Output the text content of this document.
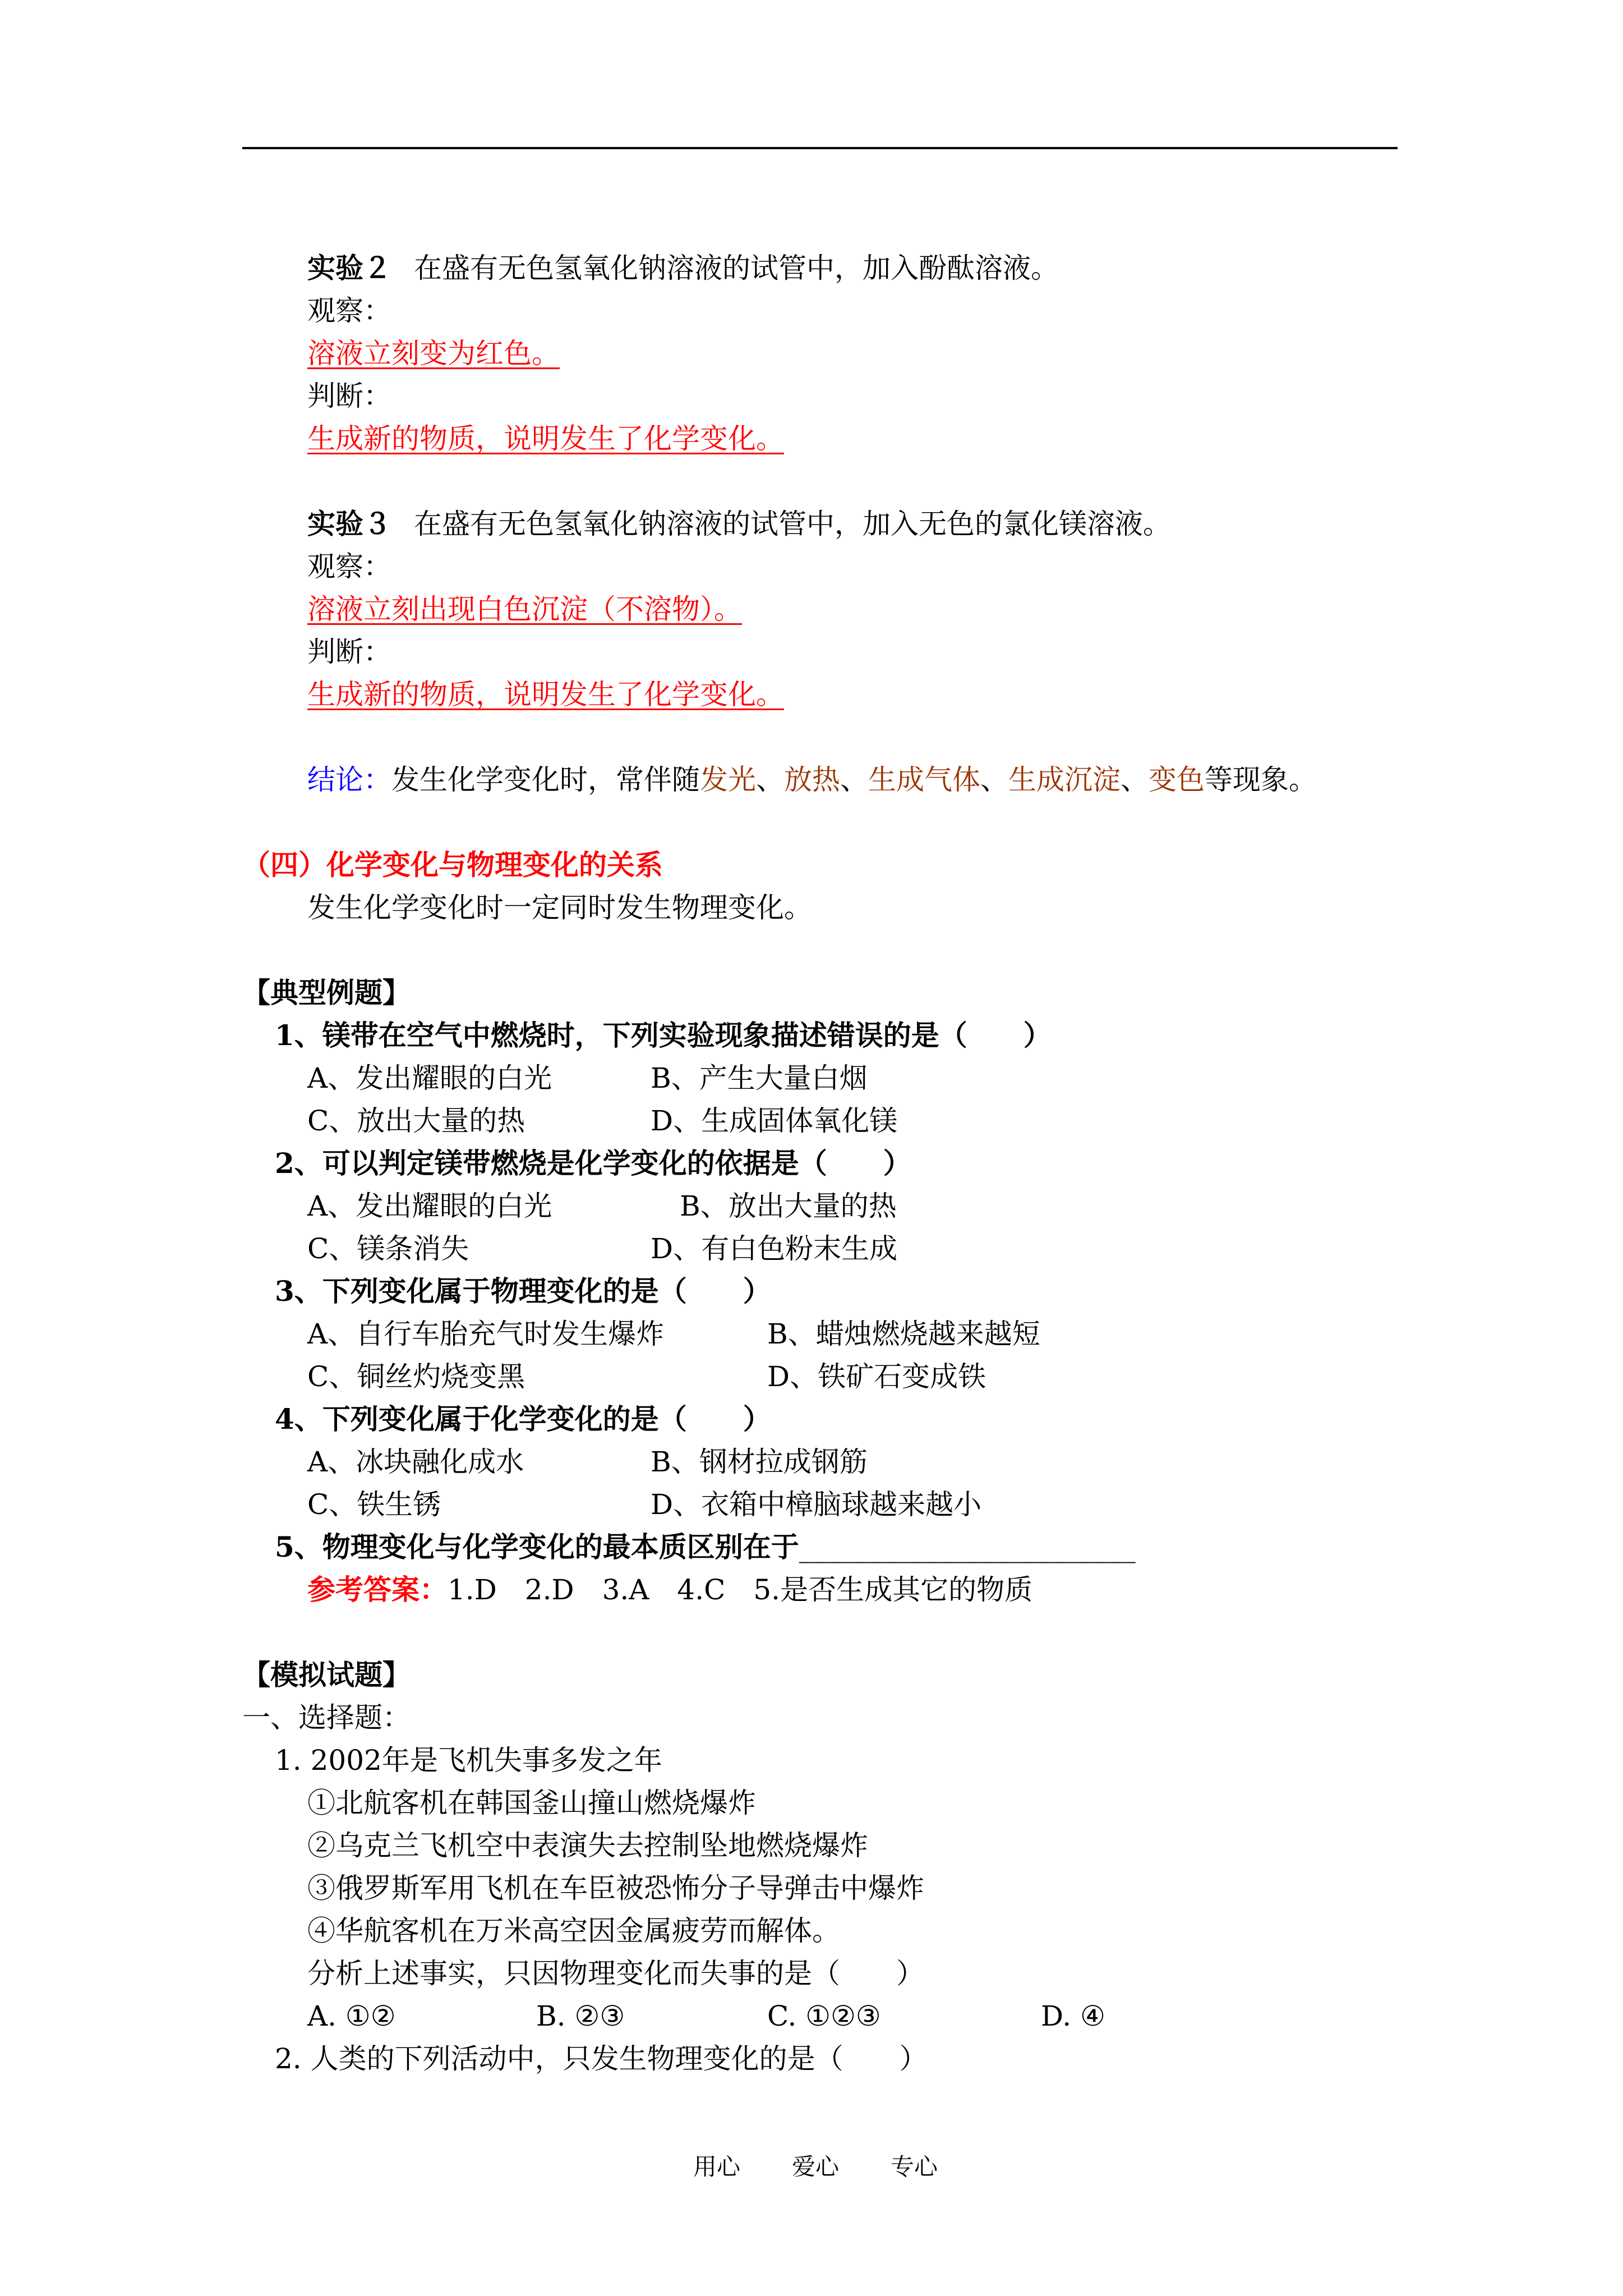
实验２ 在盛有无色氢氧化钠溶液的试管中，加入酚酞溶液。
观察：
溶液立刻变为红色。
判断：
生成新的物质，说明发生了化学变化。
实验３ 在盛有无色氢氧化钠溶液的试管中，加入无色的氯化镁溶液。
观察：
溶液立刻出现白色沉淀（不溶物）。
判断：
生成新的物质，说明发生了化学变化。
结论：发生化学变化时，常伴随发光、放热、生成气体、生成沉淀、变色等现象。
（四）化学变化与物理变化的关系
发生化学变化时一定同时发生物理变化。
【典型例题】
1、镁带在空气中燃烧时，下列实验现象描述错误的是（　　）
A、发出耀眼的白光	B、产生大量白烟
C、放出大量的热	D、生成固体氧化镁
2、可以判定镁带燃烧是化学变化的依据是（　　）
A、发出耀眼的白光	B、放出大量的热
C、镁条消失	D、有白色粉末生成
3、下列变化属于物理变化的是（　　）
A、自行车胎充气时发生爆炸	B、蜡烛燃烧越来越短
C、铜丝灼烧变黑	D、铁矿石变成铁
4、下列变化属于化学变化的是（　　）
A、冰块融化成水	B、钢材拉成钢筋
C、铁生锈	D、衣箱中樟脑球越来越小
5、物理变化与化学变化的最本质区别在于________________________
参考答案：1.D　2.D　3.A　4.C　5.是否生成其它的物质
【模拟试题】
一、选择题：
1. 2002年是飞机失事多发之年
①北航客机在韩国釜山撞山燃烧爆炸
②乌克兰飞机空中表演失去控制坠地燃烧爆炸
③俄罗斯军用飞机在车臣被恐怖分子导弹击中爆炸
④华航客机在万米高空因金属疲劳而解体。
分析上述事实，只因物理变化而失事的是（　　）
A. ①②	B. ②③	C. ①②③	D. ④
2. 人类的下列活动中，只发生物理变化的是（　　）
用心 爱心 专心
